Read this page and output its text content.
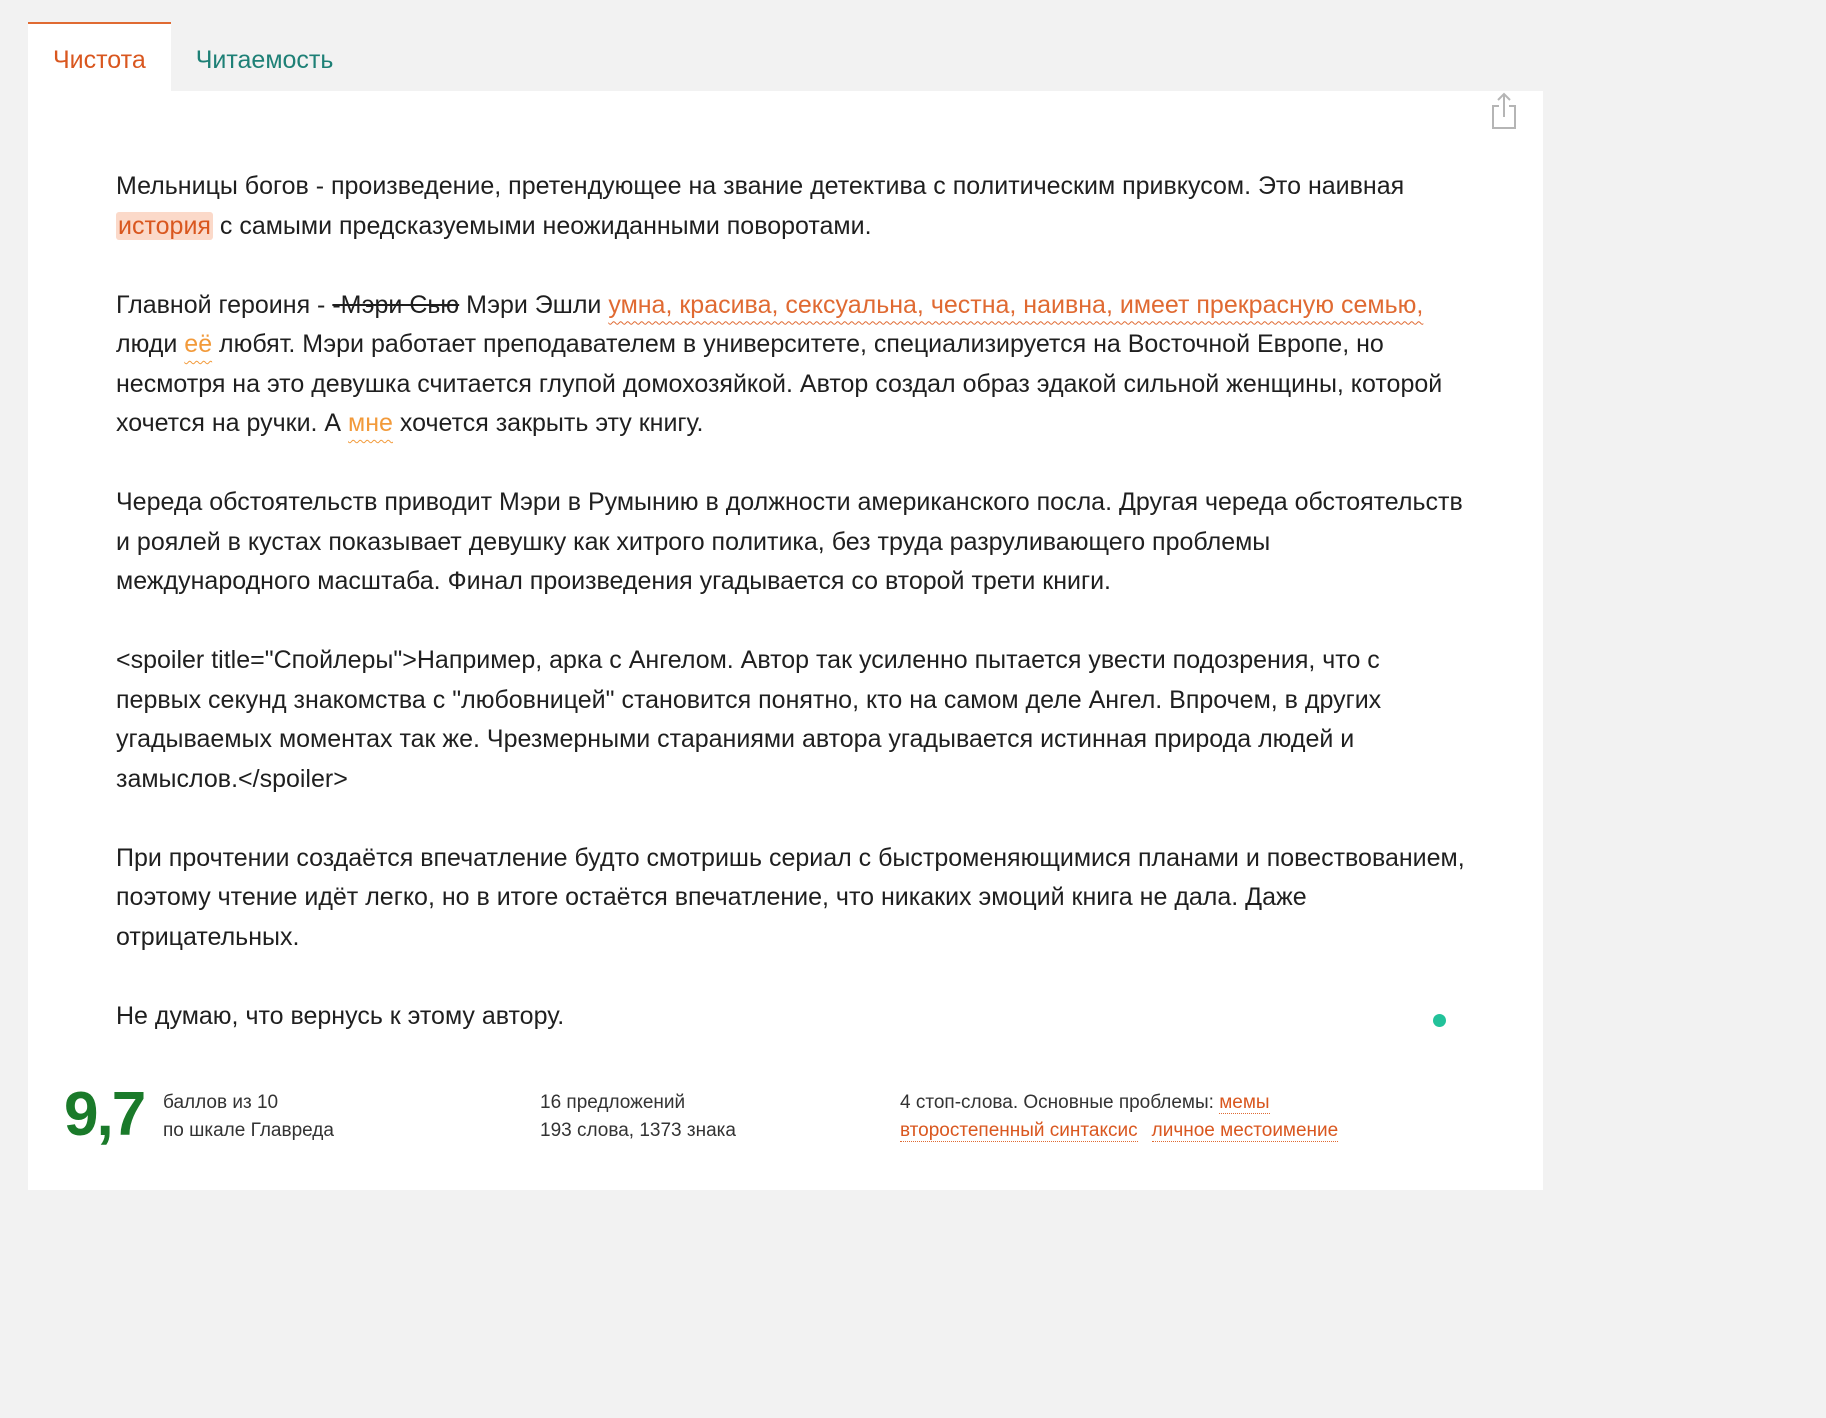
Чистота	Читаемость

Мельницы богов - произведение, претендующее на звание детектива с политическим привкусом. Это наивная история с самыми предсказуемыми неожиданными поворотами.

Главной героиня - -Мэри Сью Мэри Эшли умна, красива, сексуальна, честна, наивна, имеет прекрасную семью, люди её любят. Мэри работает преподавателем в университете, специализируется на Восточной Европе, но несмотря на это девушка считается глупой домохозяйкой. Автор создал образ эдакой сильной женщины, которой хочется на ручки. А мне хочется закрыть эту книгу.

Череда обстоятельств приводит Мэри в Румынию в должности американского посла. Другая череда обстоятельств и роялей в кустах показывает девушку как хитрого политика, без труда разруливающего проблемы международного масштаба. Финал произведения угадывается со второй трети книги.

<spoiler title="Спойлеры">Например, арка с Ангелом. Автор так усиленно пытается увести подозрения, что с первых секунд знакомства с "любовницей" становится понятно, кто на самом деле Ангел. Впрочем, в других угадываемых моментах так же. Чрезмерными стараниями автора угадывается истинная природа людей и замыслов.</spoiler>

При прочтении создаётся впечатление будто смотришь сериал с быстроменяющимися планами и повествованием, поэтому чтение идёт легко, но в итоге остаётся впечатление, что никаких эмоций книга не дала. Даже отрицательных.

Не думаю, что вернусь к этому автору.

9,7 баллов из 10
по шкале Главреда
16 предложений
193 слова, 1373 знака
4 стоп-слова. Основные проблемы: мемы
второстепенный синтаксис личное местоимение
